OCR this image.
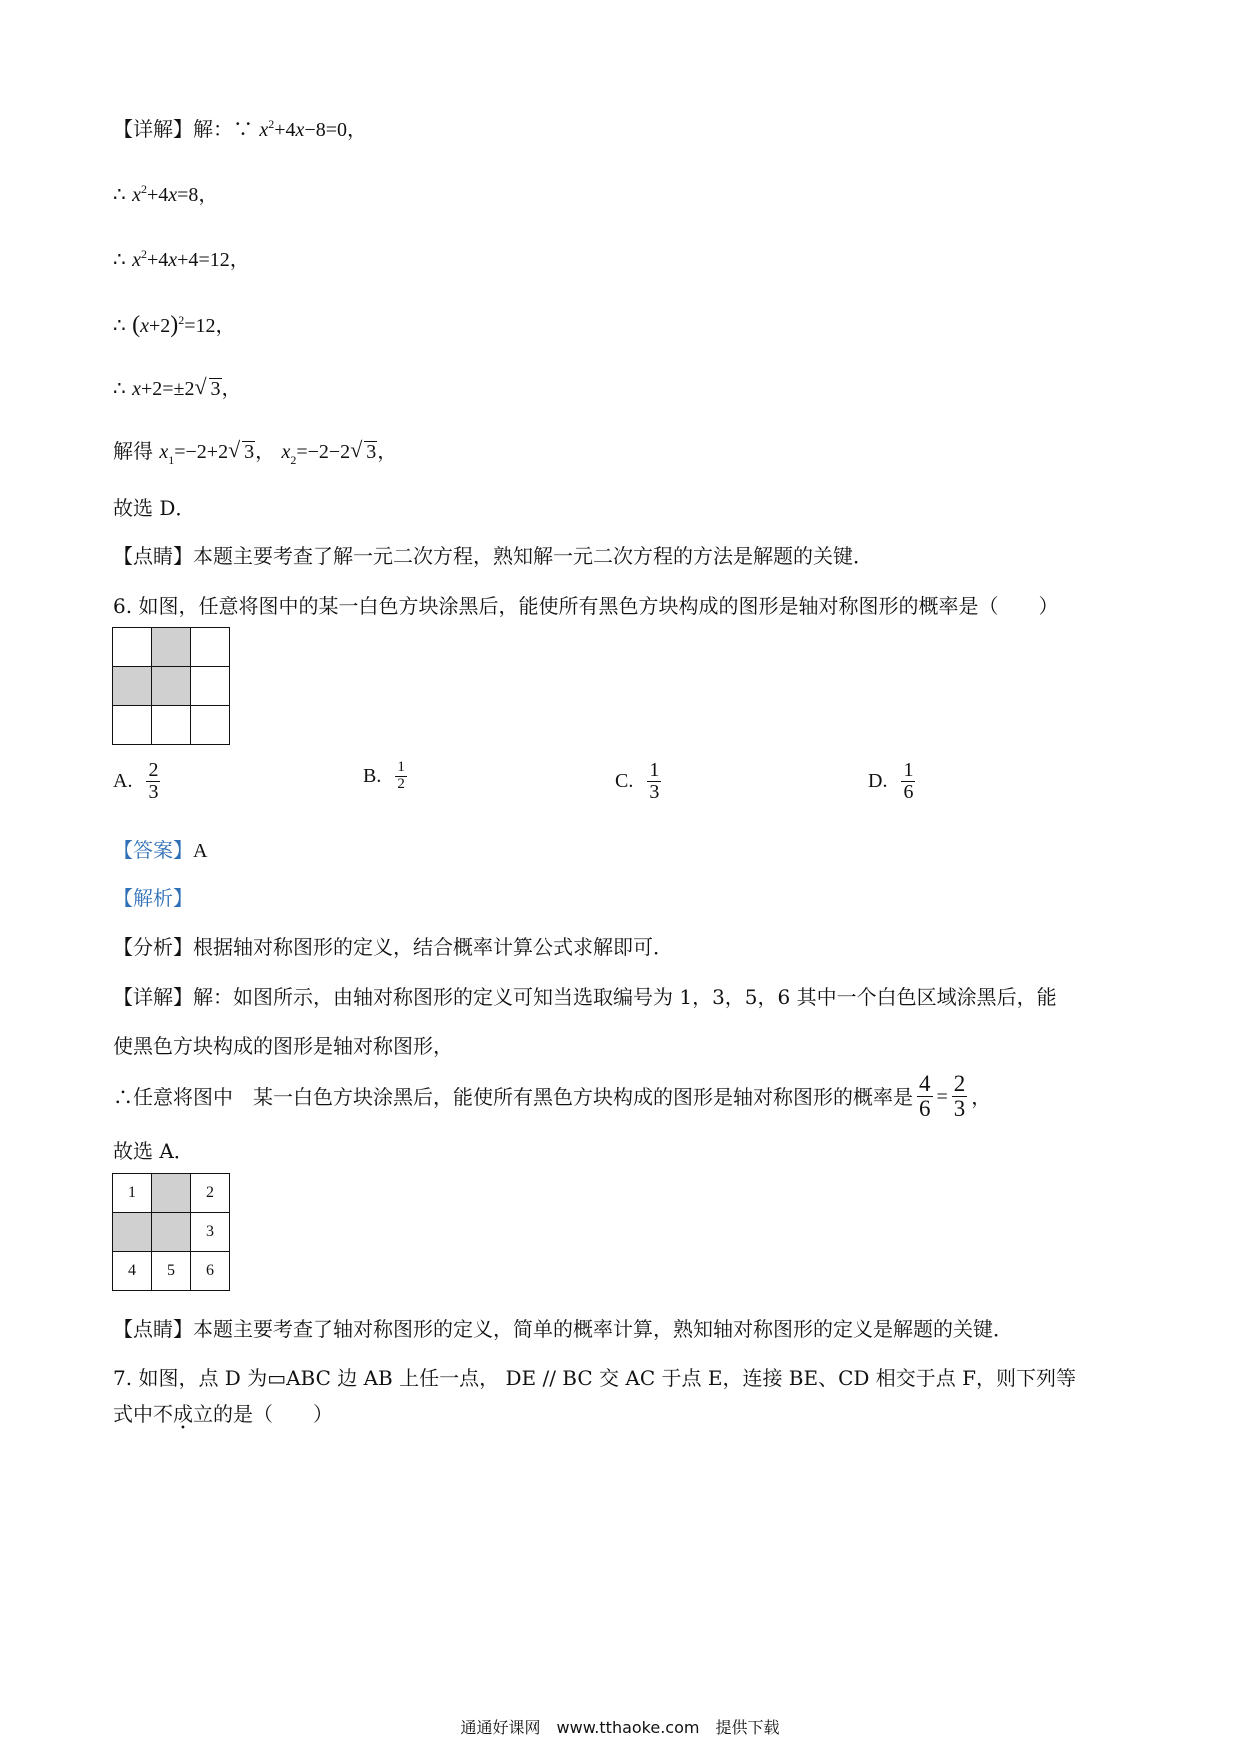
【详解】解：∵ $x^2+4x-8=0$，
∴ $x^2+4x=8$，
∴ $x^2+4x+4=12$，
∴ $(x+2)^2=12$，
∴ x+2=±2 √ 3，
解得 $x_1=-2+2$ √ 3， $x_2=-2-2$ √ 3，
故选 D．
【点睛】本题主要考查了解一元二次方程，熟知解一元二次方程的方法是解题的关键．
6. 如图，任意将图中的某一白色方块涂黑后，能使所有黑色方块构成的图形是轴对称图形的概率是（　　）

A. $\frac{2}{3}$	B. $\frac{1}{2}$	C. $\frac{1}{3}$	D. $\frac{1}{6}$
【答案】A
【解析】
【分析】根据轴对称图形的定义，结合概率计算公式求解即可．
【详解】解：如图所示，由轴对称图形的定义可知当选取编号为 1，3，5，6 其中一个白色区域涂黑后，能
使黑色方块构成的图形是轴对称图形，
∴任意将图中　某一白色方块涂黑后，能使所有黑色方块构成的图形是轴对称图形的概率是 $\frac{4}{6} = \frac{2}{3}$ ，
故选 A．
1		2
		3
4	5	6
【点睛】本题主要考查了轴对称图形的定义，简单的概率计算，熟知轴对称图形的定义是解题的关键．
7. 如图，点 D 为▭ABC 边 AB 上任一点， DE // BC 交 AC 于点 E，连接 BE、CD 相交于点 F，则下列等
式中不成立的是（　　）
通通好课网　www.tthaoke.com　提供下载
